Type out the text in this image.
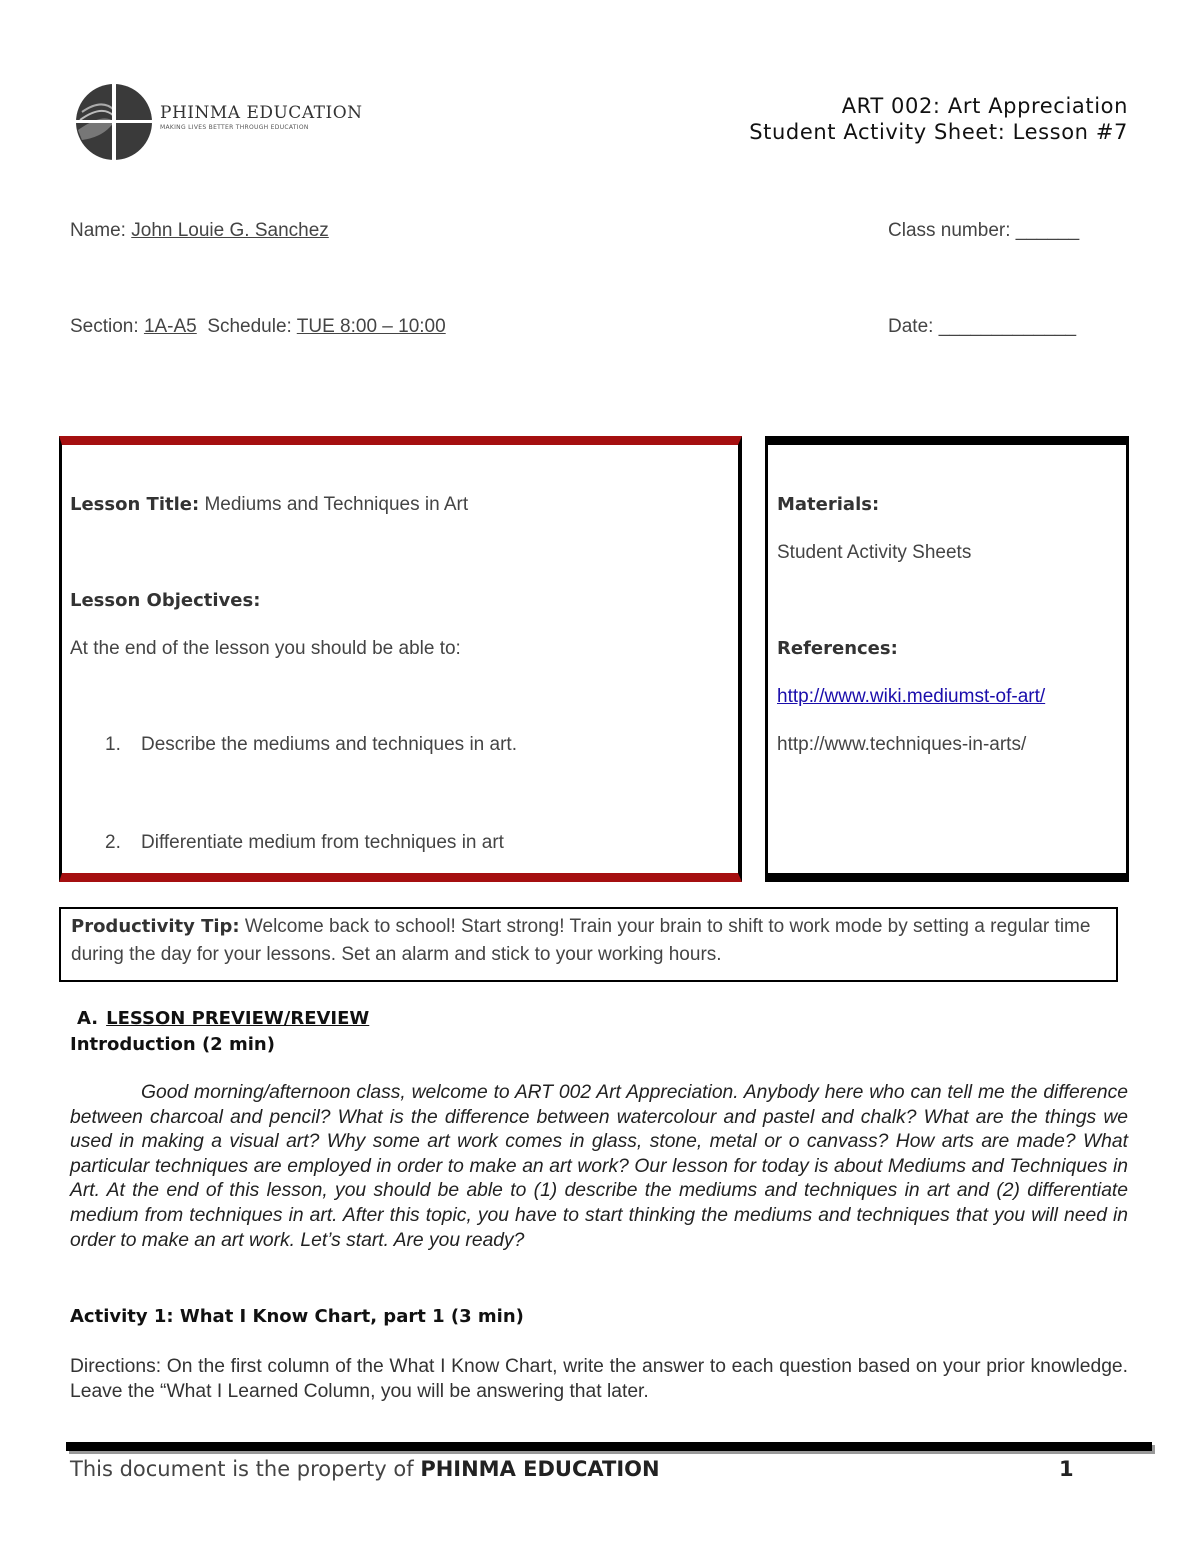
PHINMA EDUCATION
MAKING LIVES BETTER THROUGH EDUCATION
ART 002: Art Appreciation
Student Activity Sheet: Lesson #7
Name: John Louie G. Sanchez	Class number: ______
Section: 1A-A5 Schedule: TUE 8:00 – 10:00	Date: _____________
Lesson Title: Mediums and Techniques in Art
Lesson Objectives:
At the end of the lesson you should be able to:
1. Describe the mediums and techniques in art.
2. Differentiate medium from techniques in art
Materials:
Student Activity Sheets
References:
http://www.wiki.mediumst-of-art/
http://www.techniques-in-arts/
Productivity Tip: Welcome back to school! Start strong! Train your brain to shift to work mode by setting a regular time during the day for your lessons. Set an alarm and stick to your working hours.
A. LESSON PREVIEW/REVIEW
Introduction (2 min)
Good morning/afternoon class, welcome to ART 002 Art Appreciation. Anybody here who can tell me the difference between charcoal and pencil? What is the difference between watercolour and pastel and chalk? What are the things we used in making a visual art? Why some art work comes in glass, stone, metal or o canvass? How arts are made? What particular techniques are employed in order to make an art work? Our lesson for today is about Mediums and Techniques in Art. At the end of this lesson, you should be able to (1) describe the mediums and techniques in art and (2) differentiate medium from techniques in art. After this topic, you have to start thinking the mediums and techniques that you will need in order to make an art work. Let’s start. Are you ready?
Activity 1: What I Know Chart, part 1 (3 min)
Directions: On the first column of the What I Know Chart, write the answer to each question based on your prior knowledge. Leave the “What I Learned Column, you will be answering that later.
This document is the property of PHINMA EDUCATION	1
